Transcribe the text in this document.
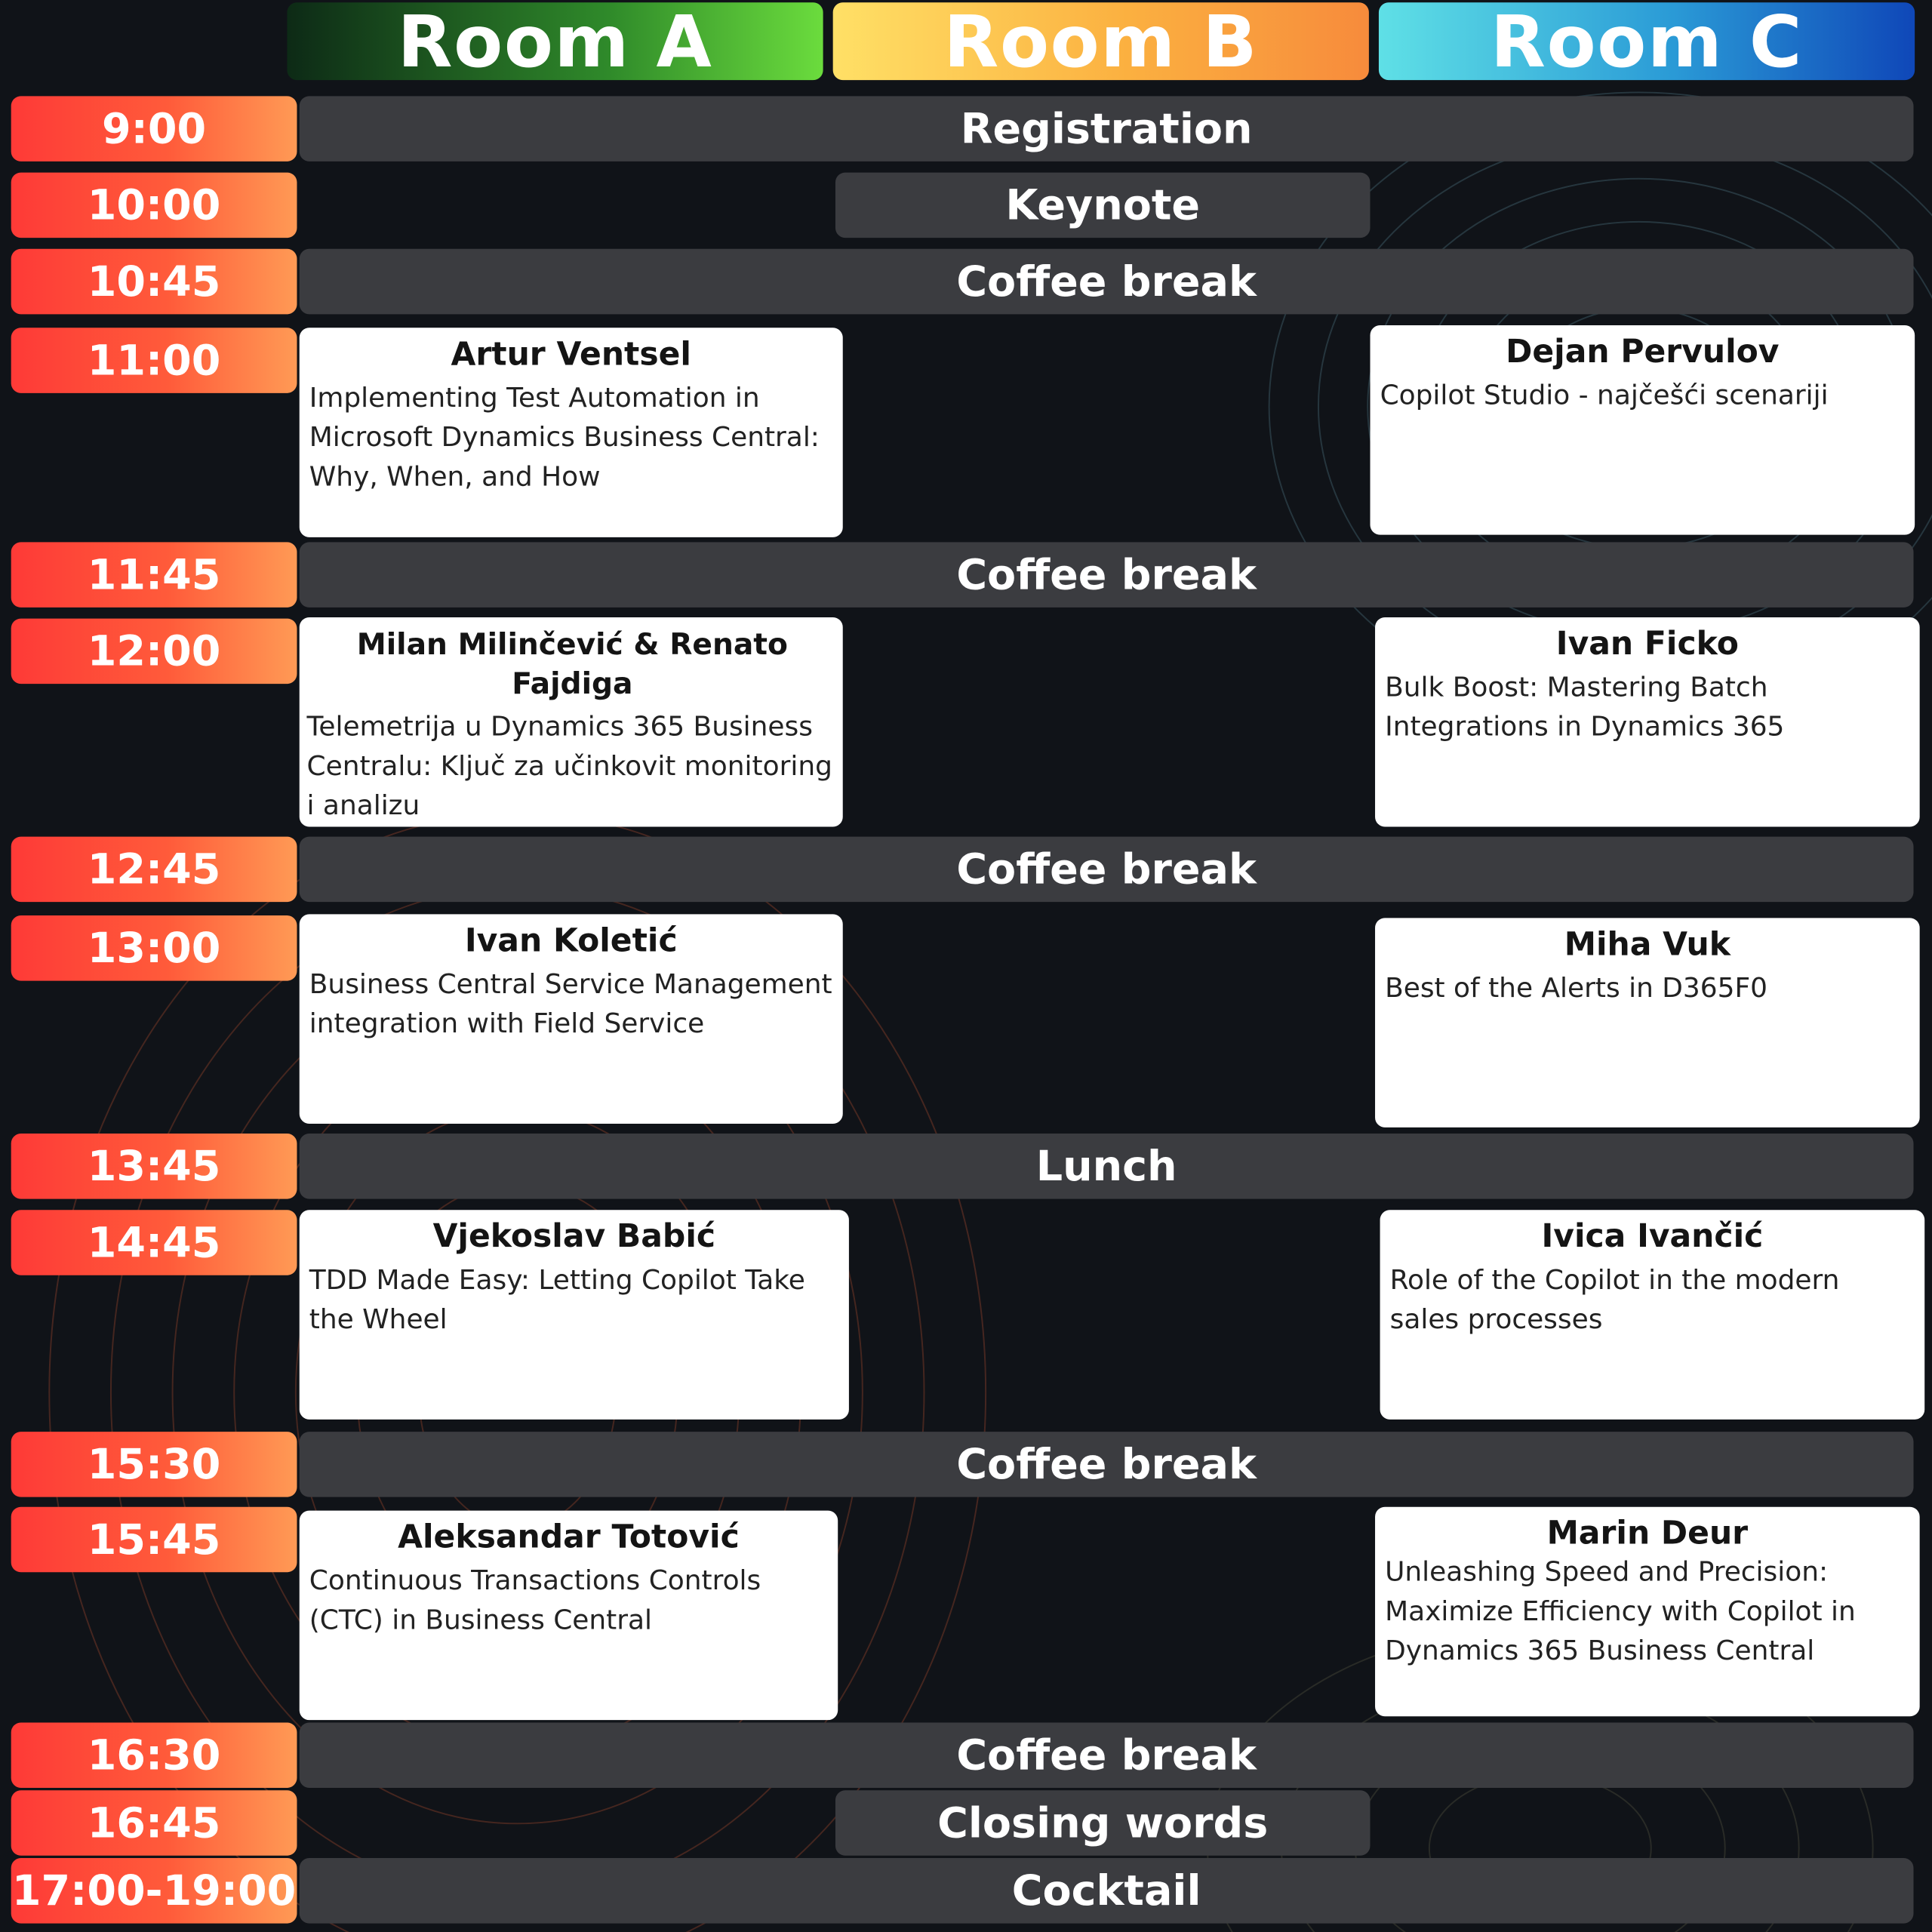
Room A	Room B	Room C
9:00
10:00
10:45
11:00
11:45
12:00
12:45
13:00
13:45
14:45
15:30
15:45
16:30
16:45
17:00-19:00
Registration
Keynote
Coffee break
Coffee break
Coffee break
Lunch
Coffee break
Coffee break
Closing words
Cocktail
Artur Ventsel
Implementing Test Automation in Microsoft Dynamics Business Central: Why, When, and How
Dejan Pervulov
Copilot Studio - najčešći scenariji
Milan Milinčević & Renato Fajdiga
Telemetrija u Dynamics 365 Business Centralu: Ključ za učinkovit monitoring i analizu
Ivan Ficko
Bulk Boost: Mastering Batch Integrations in Dynamics 365
Ivan Koletić
Business Central Service Management integration with Field Service
Miha Vuk
Best of the Alerts in D365F0
Vjekoslav Babić
TDD Made Easy: Letting Copilot Take the Wheel
Ivica Ivančić
Role of the Copilot in the modern sales processes
Aleksandar Totović
Continuous Transactions Controls (CTC) in Business Central
Marin Deur
Unleashing Speed and Precision: Maximize Efficiency with Copilot in Dynamics 365 Business Central
